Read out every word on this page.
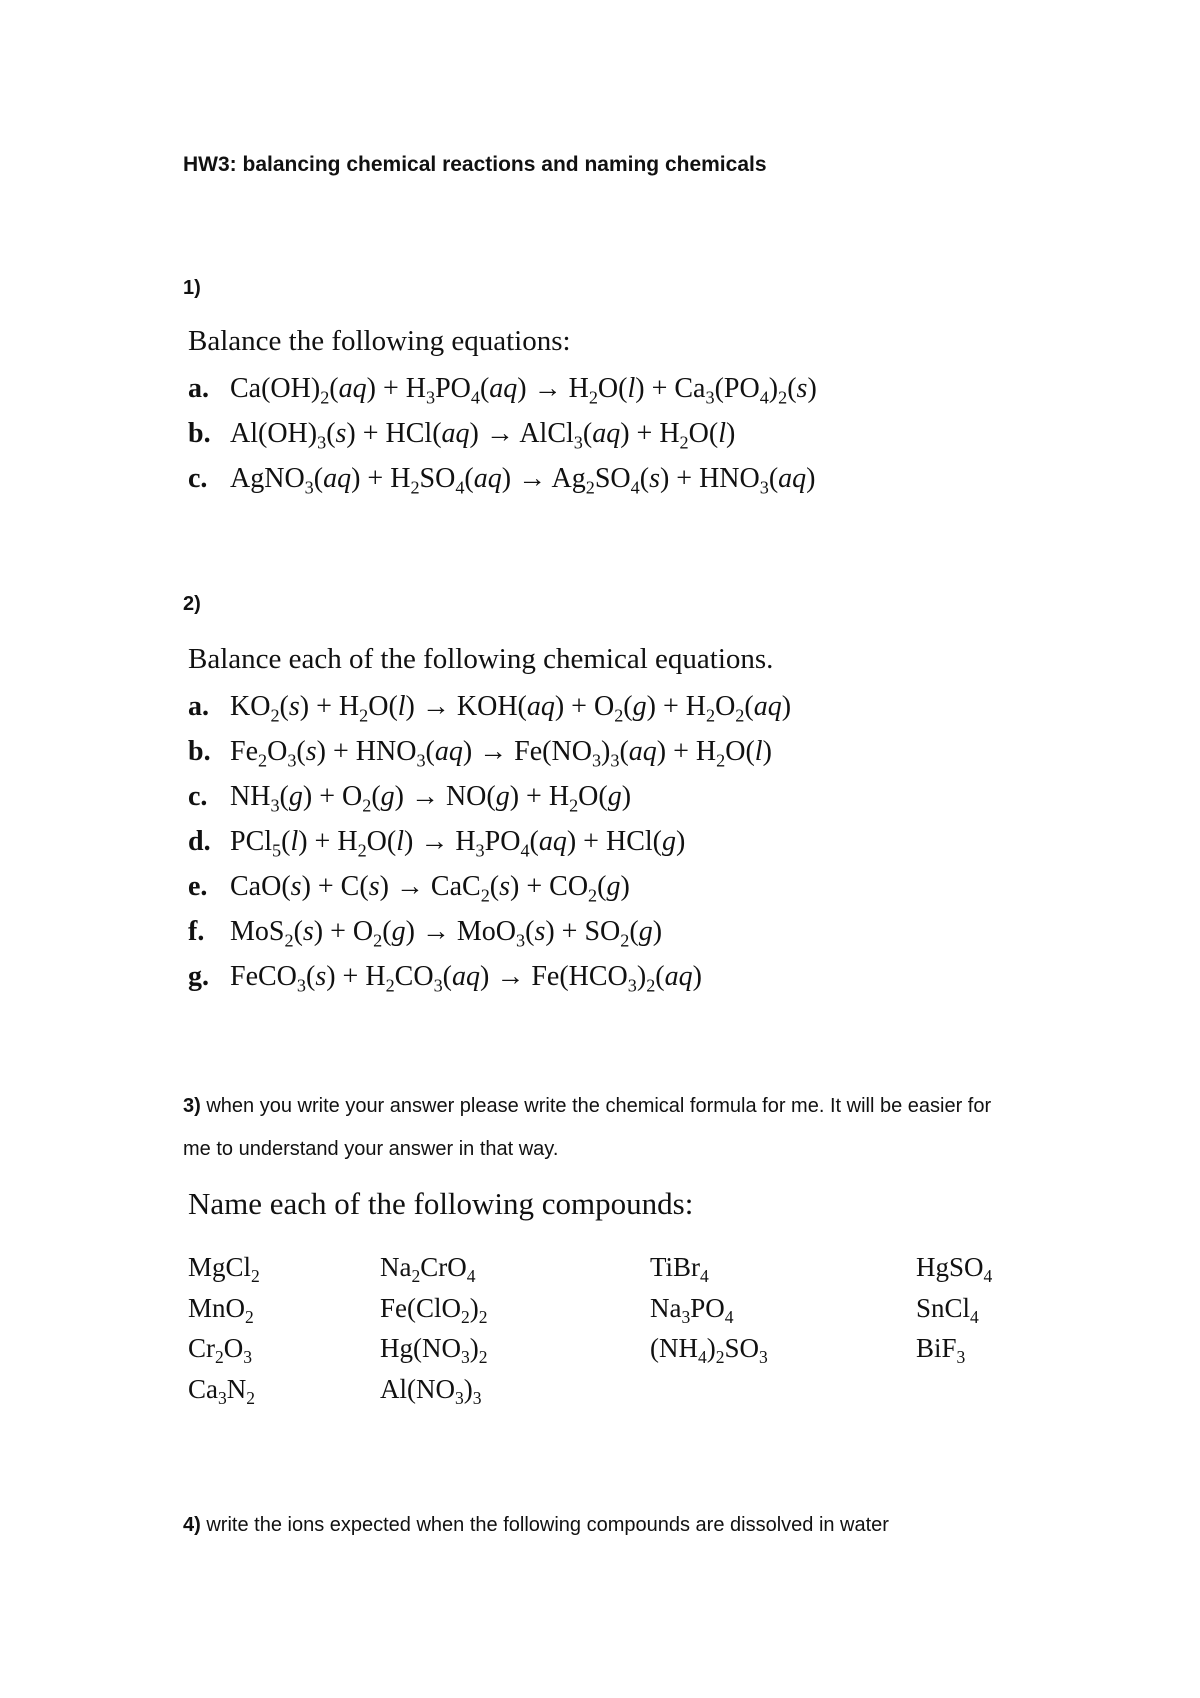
HW3: balancing chemical reactions and naming chemicals
1)
Balance the following equations:
a. $Ca(OH)_2(aq) + H_3PO_4(aq) \to H_2O(l) + Ca_3(PO_4)_2(s)$
b. $Al(OH)_3(s) + HCl(aq)$ → AlCl$_3$(aq) + $H_2O(l)$
c. AgNO$_3$(aq) + $H_2SO_4(aq) \to Ag_2SO_4(s) + HNO_3(aq)$
2)
Balance each of the following chemical equations.
a. $KO_2(s) + H_2O(l) \to KOH(aq) + O_2(g) + H_2O_2(aq)$
b. $Fe_2O_3(s) + HNO_3(aq) \to Fe(NO_3)_3(aq) + H_2O(l)$
c. $NH_3(g) + O_2(g) \to NO(g) + H_2O(g)$
d. $PCl_5(l) + H_2O(l) \to H_3PO_4(aq) + HCl(g)$
e. $CaO(s) + C(s) \to CaC_2(s) + CO_2(g)$
f. $MoS_2(s) + O_2(g) \to MoO_3(s) + SO_2(g)$
g. FeCO$_3$(s) + $H_2CO_3(aq) \to Fe(HCO_3)_2(aq)$
3) when you write your answer please write the chemical formula for me. It will be easier for me to understand your answer in that way.
Name each of the following compounds:
MgCl$_2$
MnO$_2$
$Cr_2O_3$
$Ca_3N_2$
$Na_2CrO_4$
$Fe(ClO_2)_2$
$Hg(NO_3)_2$
$Al(NO_3)_3$
TiBr$_4$
$Na_3PO_4$
$(NH_4)_2SO_3$
HgSO$_4$
SnCl$_4$
BiF$_3$
4) write the ions expected when the following compounds are dissolved in water
